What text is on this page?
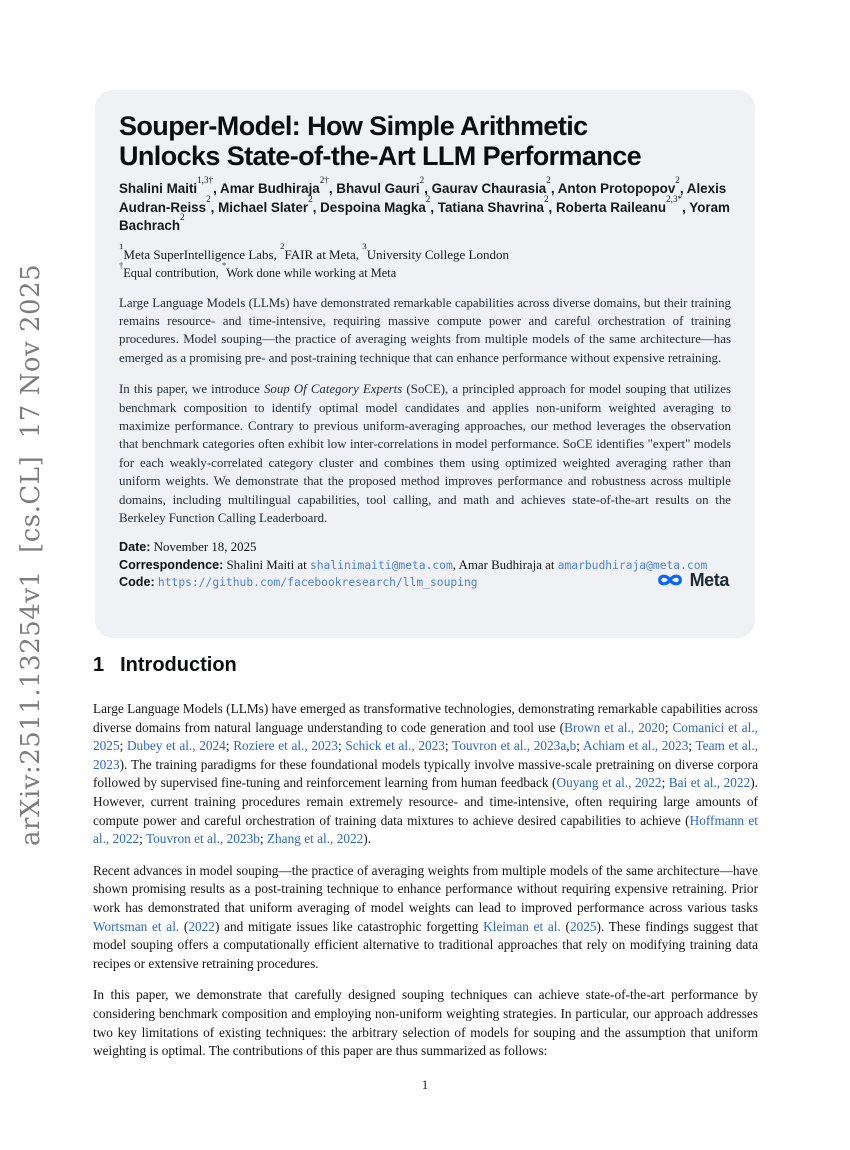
arXiv:2511.13254v1  [cs.CL]  17 Nov 2025
Souper-Model: How Simple Arithmetic
Unlocks State-of-the-Art LLM Performance

Shalini Maiti$^{1,3\dagger}$, Amar Budhiraja$^{2\dagger}$, Bhavul Gauri$^2$, Gaurav Chaurasia$^2$, Anton Protopopov$^2$, Alexis Audran-Reiss$^2$, Michael Slater$^2$, Despoina Magka$^2$, Tatiana Shavrina$^2$, Roberta Raileanu$^{2,3*}$, Yoram Bachrach$^2$

$^1$Meta SuperIntelligence Labs, $^2$FAIR at Meta, $^3$University College London

†Equal contribution, *Work done while working at Meta

Large Language Models (LLMs) have demonstrated remarkable capabilities across diverse domains, but their training remains resource- and time-intensive, requiring massive compute power and careful orchestration of training procedures. Model souping—the practice of averaging weights from multiple models of the same architecture—has emerged as a promising pre- and post-training technique that can enhance performance without expensive retraining.

In this paper, we introduce Soup Of Category Experts (SoCE), a principled approach for model souping that utilizes benchmark composition to identify optimal model candidates and applies non-uniform weighted averaging to maximize performance. Contrary to previous uniform-averaging approaches, our method leverages the observation that benchmark categories often exhibit low inter-correlations in model performance. SoCE identifies "expert" models for each weakly-correlated category cluster and combines them using optimized weighted averaging rather than uniform weights. We demonstrate that the proposed method improves performance and robustness across multiple domains, including multilingual capabilities, tool calling, and math and achieves state-of-the-art results on the Berkeley Function Calling Leaderboard.

Date: November 18, 2025
Correspondence: Shalini Maiti at shalinimaiti@meta.com, Amar Budhiraja at amarbudhiraja@meta.com
Code: https://github.com/facebookresearch/llm_souping	Meta
1 Introduction

Large Language Models (LLMs) have emerged as transformative technologies, demonstrating remarkable capabilities across diverse domains from natural language understanding to code generation and tool use (Brown et al., 2020; Comanici et al., 2025; Dubey et al., 2024; Roziere et al., 2023; Schick et al., 2023; Touvron et al., 2023a,b; Achiam et al., 2023; Team et al., 2023). The training paradigms for these foundational models typically involve massive-scale pretraining on diverse corpora followed by supervised fine-tuning and reinforcement learning from human feedback (Ouyang et al., 2022; Bai et al., 2022). However, current training procedures remain extremely resource- and time-intensive, often requiring large amounts of compute power and careful orchestration of training data mixtures to achieve desired capabilities to achieve (Hoffmann et al., 2022; Touvron et al., 2023b; Zhang et al., 2022).

Recent advances in model souping—the practice of averaging weights from multiple models of the same architecture—have shown promising results as a post-training technique to enhance performance without requiring expensive retraining. Prior work has demonstrated that uniform averaging of model weights can lead to improved performance across various tasks Wortsman et al. (2022) and mitigate issues like catastrophic forgetting Kleiman et al. (2025). These findings suggest that model souping offers a computationally efficient alternative to traditional approaches that rely on modifying training data recipes or extensive retraining procedures.

In this paper, we demonstrate that carefully designed souping techniques can achieve state-of-the-art performance by considering benchmark composition and employing non-uniform weighting strategies. In particular, our approach addresses two key limitations of existing techniques: the arbitrary selection of models for souping and the assumption that uniform weighting is optimal. The contributions of this paper are thus summarized as follows:

1
